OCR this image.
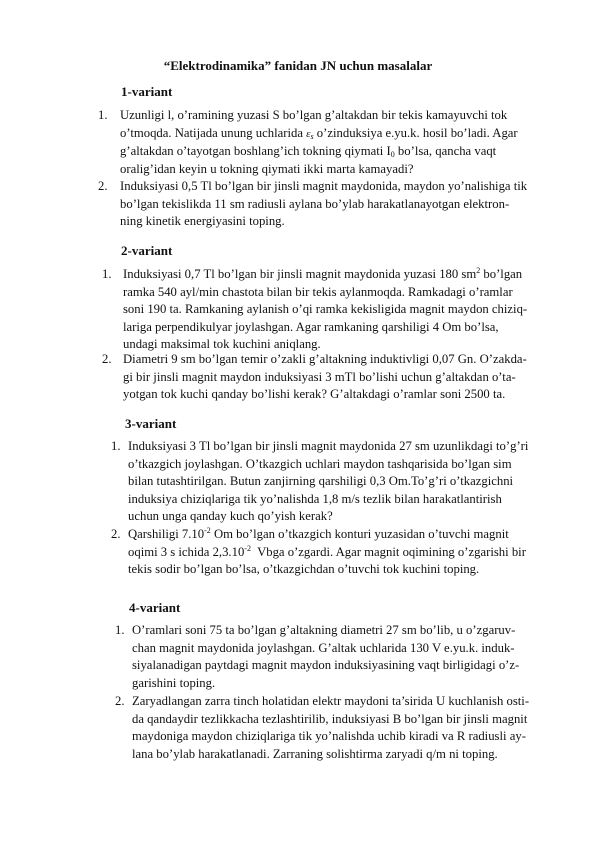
“Elektrodinamika” fanidan JN uchun masalalar
1-variant
1. Uzunligi l, o’ramining yuzasi S bo’lgan g’altakdan bir tekis kamayuvchi tok
o’tmoqda. Natijada unung uchlarida $\varepsilon_s$ o’zinduksiya e.yu.k. hosil bo’ladi. Agar
g’altakdan o’tayotgan boshlang’ich tokning qiymati $I_0$ bo’lsa, qancha vaqt
oralig’idan keyin u tokning qiymati ikki marta kamayadi?
2. Induksiyasi 0,5 Tl bo’lgan bir jinsli magnit maydonida, maydon yo’nalishiga tik
bo’lgan tekislikda 11 sm radiusli aylana bo’ylab harakatlanayotgan elektron-
ning kinetik energiyasini toping.
2-variant
1. Induksiyasi 0,7 Tl bo’lgan bir jinsli magnit maydonida yuzasi 180 $sm^2$ bo’lgan
ramka 540 ayl/min chastota bilan bir tekis aylanmoqda. Ramkadagi o’ramlar
soni 190 ta. Ramkaning aylanish o’qi ramka kekisligida magnit maydon chiziq-
lariga perpendikulyar joylashgan. Agar ramkaning qarshiligi 4 Om bo’lsa,
undagi maksimal tok kuchini aniqlang.
2. Diametri 9 sm bo’lgan temir o’zakli g’altakning induktivligi 0,07 Gn. O’zakda-
gi bir jinsli magnit maydon induksiyasi 3 mTl bo’lishi uchun g’altakdan o’ta-
yotgan tok kuchi qanday bo’lishi kerak? G’altakdagi o’ramlar soni 2500 ta.
3-variant
1. Induksiyasi 3 Tl bo’lgan bir jinsli magnit maydonida 27 sm uzunlikdagi to’g’ri
o’tkazgich joylashgan. O’tkazgich uchlari maydon tashqarisida bo’lgan sim
bilan tutashtirilgan. Butun zanjirning qarshiligi 0,3 Om.To’g’ri o’tkazgichni
induksiya chiziqlariga tik yo’nalishda 1,8 m/s tezlik bilan harakatlantirish
uchun unga qanday kuch qo’yish kerak?
2. Qarshiligi $7.10^{-2}$ Om bo’lgan o’tkazgich konturi yuzasidan o’tuvchi magnit
oqimi 3 s ichida $2,3.10^{-2}$  Vbga o’zgardi. Agar magnit oqimining o’zgarishi bir
tekis sodir bo’lgan bo’lsa, o’tkazgichdan o’tuvchi tok kuchini toping.
4-variant
1. O’ramlari soni 75 ta bo’lgan g’altakning diametri 27 sm bo’lib, u o’zgaruv-
chan magnit maydonida joylashgan. G’altak uchlarida 130 V e.yu.k. induk-
siyalanadigan paytdagi magnit maydon induksiyasining vaqt birligidagi o’z-
garishini toping.
2. Zaryadlangan zarra tinch holatidan elektr maydoni ta’sirida U kuchlanish osti-
da qandaydir tezlikkacha tezlashtirilib, induksiyasi B bo’lgan bir jinsli magnit
maydoniga maydon chiziqlariga tik yo’nalishda uchib kiradi va R radiusli ay-
lana bo’ylab harakatlanadi. Zarraning solishtirma zaryadi q/m ni toping.
